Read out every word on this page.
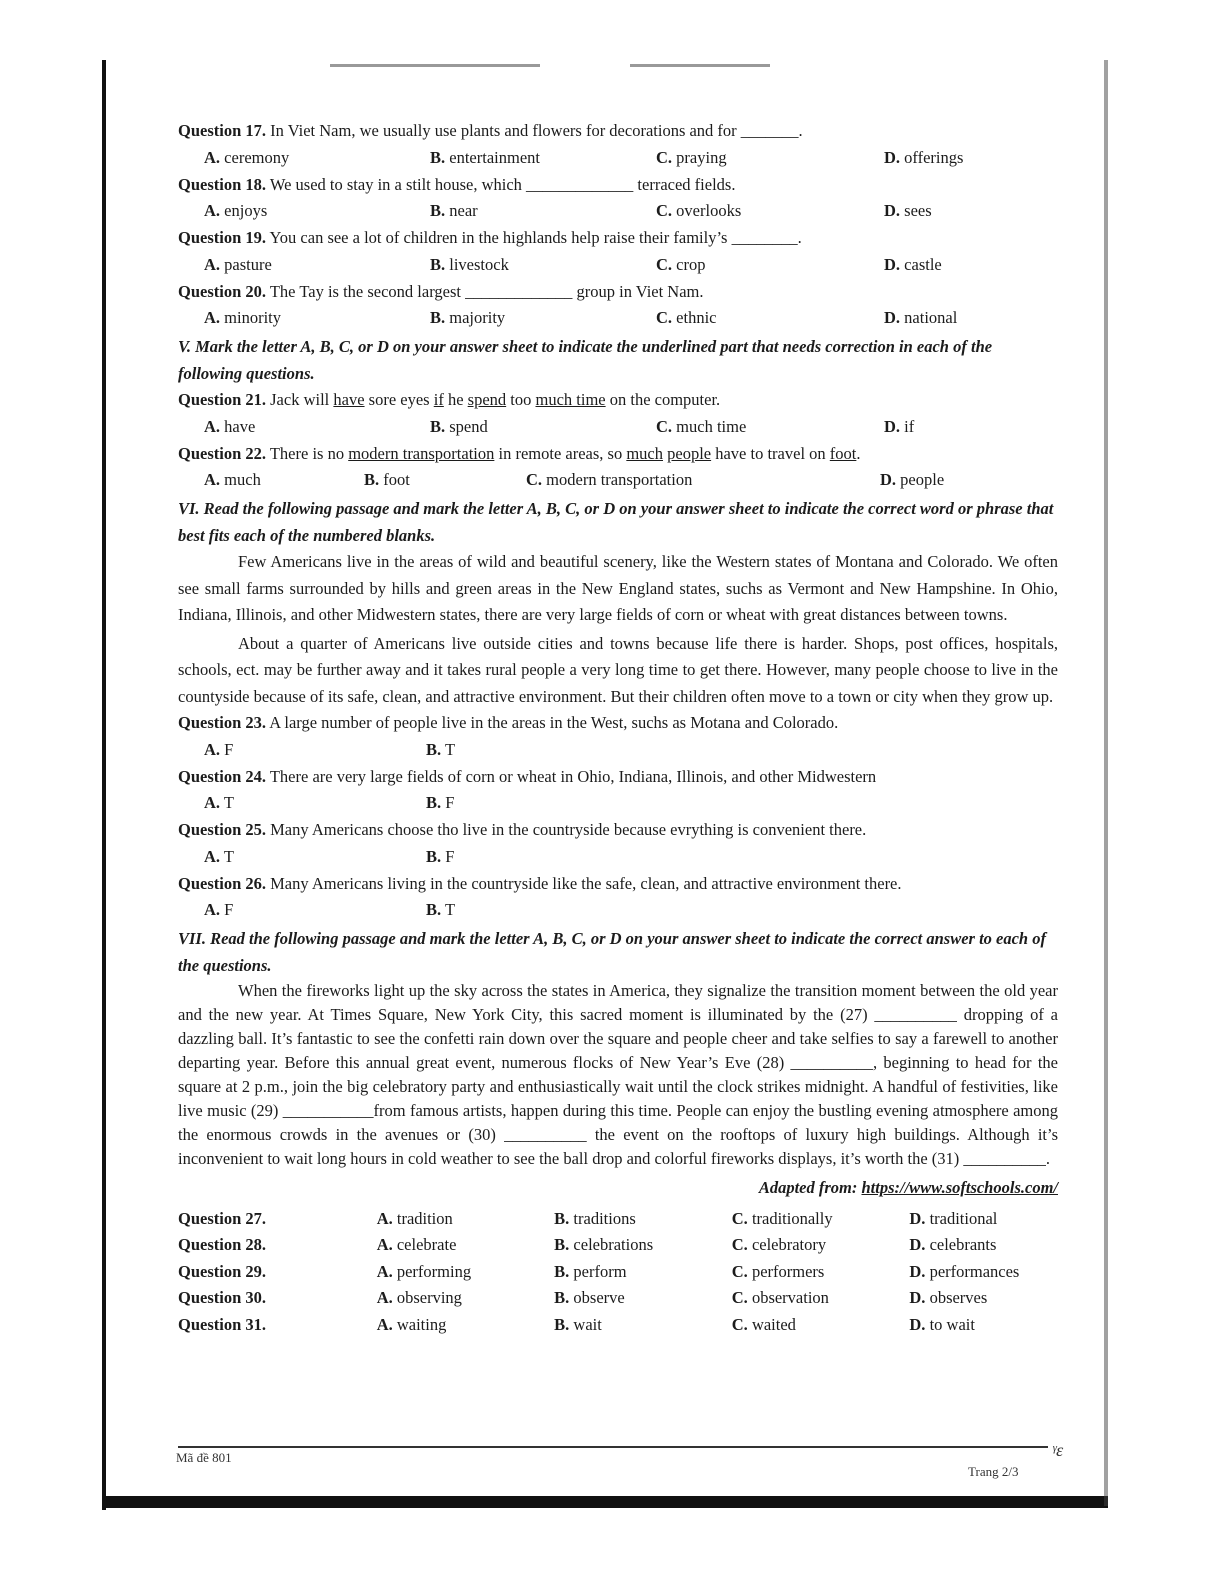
Question 17. In Viet Nam, we usually use plants and flowers for decorations and for _______.
A. ceremony	B. entertainment	C. praying	D. offerings
Question 18. We used to stay in a stilt house, which _____________ terraced fields.
A. enjoys	B. near	C. overlooks	D. sees
Question 19. You can see a lot of children in the highlands help raise their family’s ________.
A. pasture	B. livestock	C. crop	D. castle
Question 20. The Tay is the second largest _____________ group in Viet Nam.
A. minority	B. majority	C. ethnic	D. national
V. Mark the letter A, B, C, or D on your answer sheet to indicate the underlined part that needs correction in each of the following questions.
Question 21. Jack will have sore eyes if he spend too much time on the computer.
A. have	B. spend	C. much time	D. if
Question 22. There is no modern transportation in remote areas, so much people have to travel on foot.
A. much	B. foot	C. modern transportation	D. people
VI. Read the following passage and mark the letter A, B, C, or D on your answer sheet to indicate the correct word or phrase that best fits each of the numbered blanks.
Few Americans live in the areas of wild and beautiful scenery, like the Western states of Montana and Colorado. We often see small farms surrounded by hills and green areas in the New England states, suchs as Vermont and New Hampshine. In Ohio, Indiana, Illinois, and other Midwestern states, there are very large fields of corn or wheat with great distances between towns.
About a quarter of Americans live outside cities and towns because life there is harder. Shops, post offices, hospitals, schools, ect. may be further away and it takes rural people a very long time to get there. However, many people choose to live in the countyside because of its safe, clean, and attractive environment. But their children often move to a town or city when they grow up.
Question 23. A large number of people live in the areas in the West, suchs as Motana and Colorado.
A. F	B. T
Question 24. There are very large fields of corn or wheat in Ohio, Indiana, Illinois, and other Midwestern
A. T	B. F
Question 25. Many Americans choose tho live in the countryside because evrything is convenient there.
A. T	B. F
Question 26. Many Americans living in the countryside like the safe, clean, and attractive environment there.
A. F	B. T
VII. Read the following passage and mark the letter A, B, C, or D on your answer sheet to indicate the correct answer to each of the questions.
When the fireworks light up the sky across the states in America, they signalize the transition moment between the old year and the new year. At Times Square, New York City, this sacred moment is illuminated by the (27) __________ dropping of a dazzling ball. It’s fantastic to see the confetti rain down over the square and people cheer and take selfies to say a farewell to another departing year. Before this annual great event, numerous flocks of New Year’s Eve (28) __________, beginning to head for the square at 2 p.m., join the big celebratory party and enthusiastically wait until the clock strikes midnight. A handful of festivities, like live music (29) ___________from famous artists, happen during this time. People can enjoy the bustling evening atmosphere among the enormous crowds in the avenues or (30) __________ the event on the rooftops of luxury high buildings. Although it’s inconvenient to wait long hours in cold weather to see the ball drop and colorful fireworks displays, it’s worth the (31) __________.
Adapted from: https://www.softschools.com/
Question 27.	A. tradition	B. traditions	C. traditionally	D. traditional
Question 28.	A. celebrate	B. celebrations	C. celebratory	D. celebrants
Question 29.	A. performing	B. perform	C. performers	D. performances
Question 30.	A. observing	B. observe	C. observation	D. observes
Question 31.	A. waiting	B. wait	C. waited	D. to wait
Mã đề 801
Trang 2/3
ᵞɛ
